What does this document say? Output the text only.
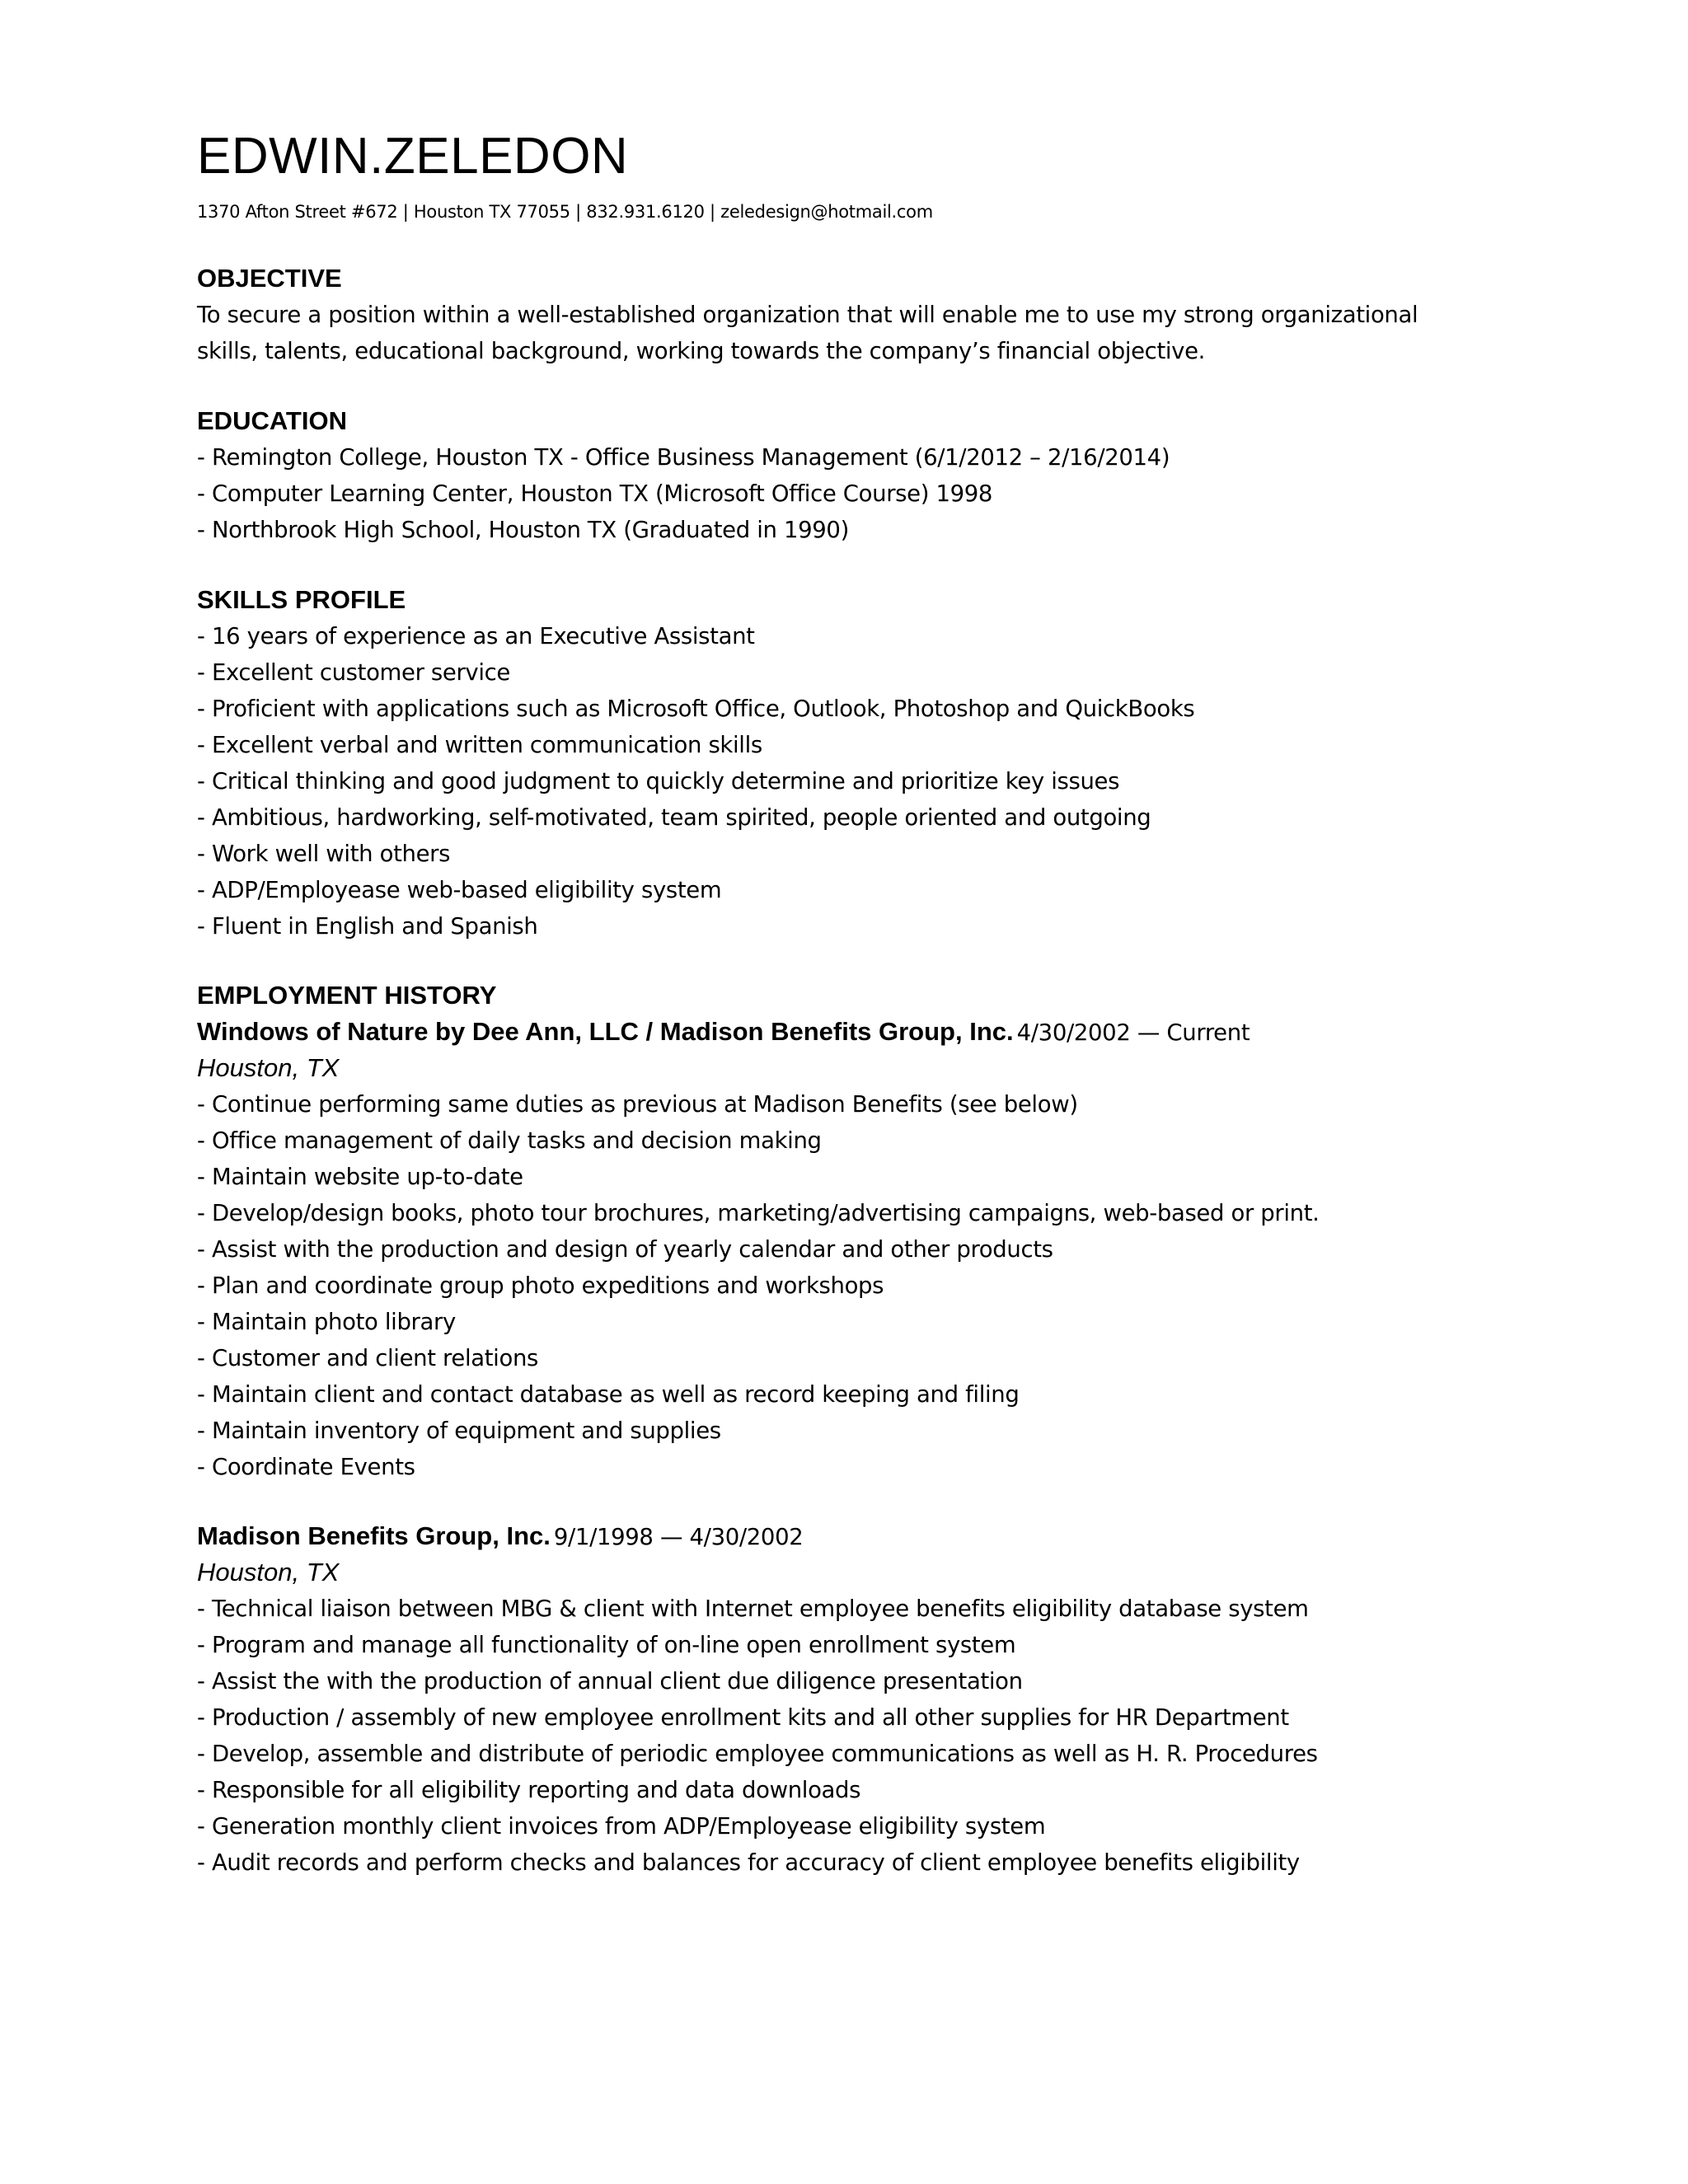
EDWIN.ZELEDON
1370 Afton Street #672 | Houston TX 77055 | 832.931.6120 | zeledesign@hotmail.com
OBJECTIVE
To secure a position within a well-established organization that will enable me to use my strong organizational
skills, talents, educational background, working towards the company’s financial objective.
EDUCATION
- Remington College, Houston TX - Office Business Management (6/1/2012 – 2/16/2014)
- Computer Learning Center, Houston TX (Microsoft Office Course) 1998
- Northbrook High School, Houston TX (Graduated in 1990)
SKILLS PROFILE
- 16 years of experience as an Executive Assistant
- Excellent customer service
- Proficient with applications such as Microsoft Office, Outlook, Photoshop and QuickBooks
- Excellent verbal and written communication skills
- Critical thinking and good judgment to quickly determine and prioritize key issues
- Ambitious, hardworking, self-motivated, team spirited, people oriented and outgoing
- Work well with others
- ADP/Employease web-based eligibility system
- Fluent in English and Spanish
EMPLOYMENT HISTORY
Windows of Nature by Dee Ann, LLC / Madison Benefits Group, Inc. 4/30/2002 — Current
Houston, TX
- Continue performing same duties as previous at Madison Benefits (see below)
- Office management of daily tasks and decision making
- Maintain website up-to-date
- Develop/design books, photo tour brochures, marketing/advertising campaigns, web-based or print.
- Assist with the production and design of yearly calendar and other products
- Plan and coordinate group photo expeditions and workshops
- Maintain photo library
- Customer and client relations
- Maintain client and contact database as well as record keeping and filing
- Maintain inventory of equipment and supplies
- Coordinate Events
Madison Benefits Group, Inc. 9/1/1998 — 4/30/2002
Houston, TX
- Technical liaison between MBG & client with Internet employee benefits eligibility database system
- Program and manage all functionality of on-line open enrollment system
- Assist the with the production of annual client due diligence presentation
- Production / assembly of new employee enrollment kits and all other supplies for HR Department
- Develop, assemble and distribute of periodic employee communications as well as H. R. Procedures
- Responsible for all eligibility reporting and data downloads
- Generation monthly client invoices from ADP/Employease eligibility system
- Audit records and perform checks and balances for accuracy of client employee benefits eligibility
